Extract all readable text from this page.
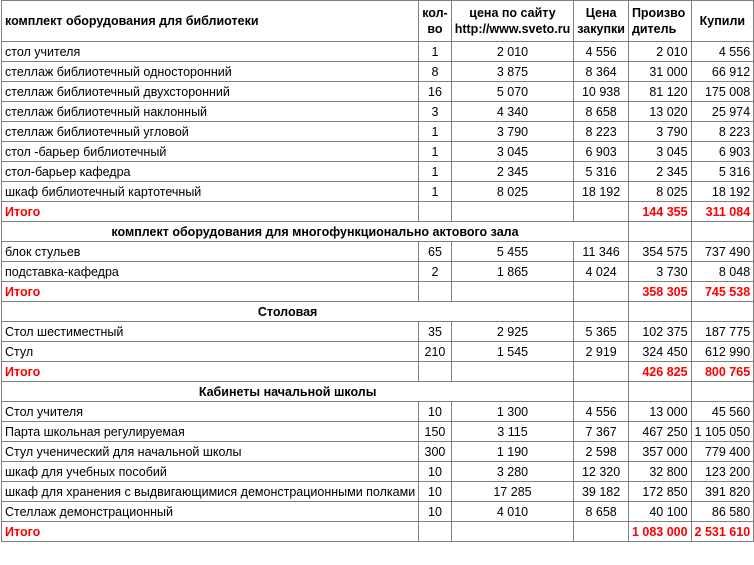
комплект оборудования для библиотеки	кол-во	цена по сайту http://www.sveto.ru	Цена закупки	Произво дитель	Купили
стол учителя	1	2 010	4 556	2 010	4 556
стеллаж библиотечный односторонний	8	3 875	8 364	31 000	66 912
стеллаж библиотечный двухсторонний	16	5 070	10 938	81 120	175 008
стеллаж библиотечный наклонный	3	4 340	8 658	13 020	25 974
стеллаж библиотечный угловой	1	3 790	8 223	3 790	8 223
стол -барьер библиотечный	1	3 045	6 903	3 045	6 903
стол-барьер кафедра	1	2 345	5 316	2 345	5 316
шкаф библиотечный картотечный	1	8 025	18 192	8 025	18 192
Итого				144 355	311 084
комплект оборудования для многофункционально актового зала					
блок стульев	65	5 455	11 346	354 575	737 490
подставка-кафедра	2	1 865	4 024	3 730	8 048
Итого				358 305	745 538
Столовая					
Стол шестиместный	35	2 925	5 365	102 375	187 775
Стул	210	1 545	2 919	324 450	612 990
Итого				426 825	800 765
Кабинеты начальной школы					
Стол учителя	10	1 300	4 556	13 000	45 560
Парта школьная регулируемая	150	3 115	7 367	467 250	1 105 050
Стул ученический для начальной школы	300	1 190	2 598	357 000	779 400
шкаф для учебных пособий	10	3 280	12 320	32 800	123 200
шкаф для хранения с выдвигающимися демонстрационными полками	10	17 285	39 182	172 850	391 820
Стеллаж демонстрационный	10	4 010	8 658	40 100	86 580
Итого				1 083 000	2 531 610
